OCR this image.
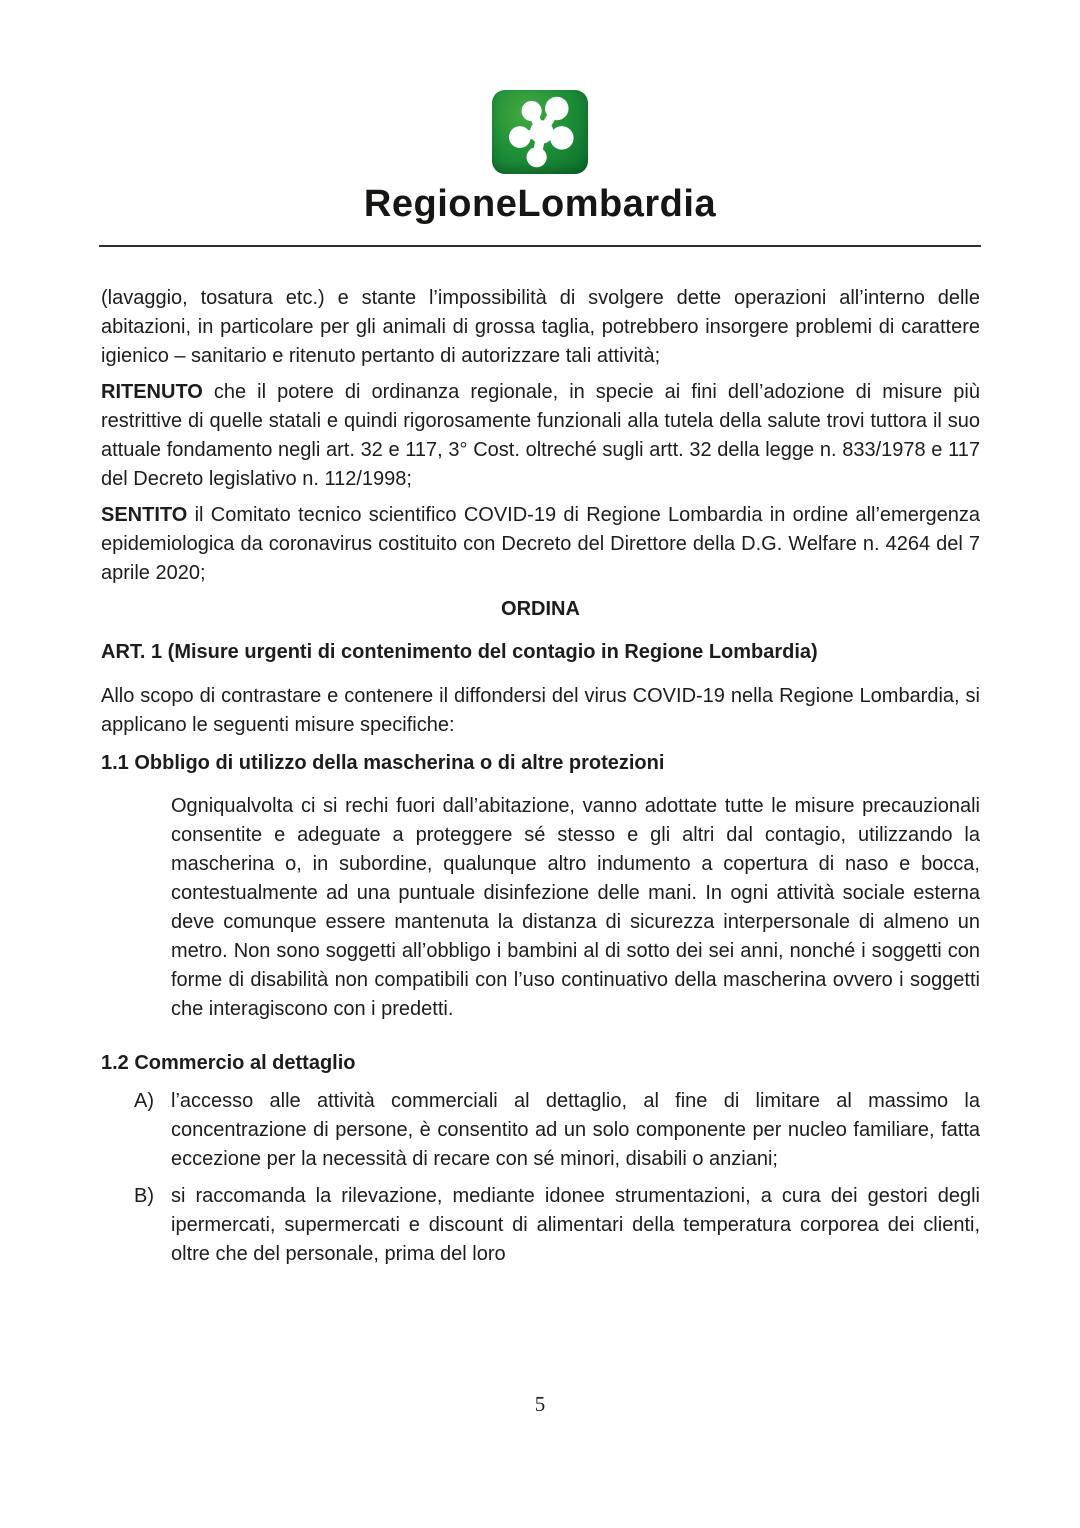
RegioneLombardia

(lavaggio, tosatura etc.) e stante l’impossibilità di svolgere dette operazioni all’interno delle abitazioni, in particolare per gli animali di grossa taglia, potrebbero insorgere problemi di carattere igienico – sanitario e ritenuto pertanto di autorizzare tali attività;

RITENUTO che il potere di ordinanza regionale, in specie ai fini dell’adozione di misure più restrittive di quelle statali e quindi rigorosamente funzionali alla tutela della salute trovi tuttora il suo attuale fondamento negli art. 32 e 117, 3° Cost. oltreché sugli artt. 32 della legge n. 833/1978 e 117 del Decreto legislativo n. 112/1998;

SENTITO il Comitato tecnico scientifico COVID-19 di Regione Lombardia in ordine all’emergenza epidemiologica da coronavirus costituito con Decreto del Direttore della D.G. Welfare n. 4264 del 7 aprile 2020;

ORDINA
ART. 1 (Misure urgenti di contenimento del contagio in Regione Lombardia)

Allo scopo di contrastare e contenere il diffondersi del virus COVID-19 nella Regione Lombardia, si applicano le seguenti misure specifiche:

1.1 Obbligo di utilizzo della mascherina o di altre protezioni

Ogniqualvolta ci si rechi fuori dall’abitazione, vanno adottate tutte le misure precauzionali consentite e adeguate a proteggere sé stesso e gli altri dal contagio, utilizzando la mascherina o, in subordine, qualunque altro indumento a copertura di naso e bocca, contestualmente ad una puntuale disinfezione delle mani. In ogni attività sociale esterna deve comunque essere mantenuta la distanza di sicurezza interpersonale di almeno un metro. Non sono soggetti all’obbligo i bambini al di sotto dei sei anni, nonché i soggetti con forme di disabilità non compatibili con l’uso continuativo della mascherina ovvero i soggetti che interagiscono con i predetti.

1.2 Commercio al dettaglio
A) l’accesso alle attività commerciali al dettaglio, al fine di limitare al massimo la concentrazione di persone, è consentito ad un solo componente per nucleo familiare, fatta eccezione per la necessità di recare con sé minori, disabili o anziani;
B) si raccomanda la rilevazione, mediante idonee strumentazioni, a cura dei gestori degli ipermercati, supermercati e discount di alimentari della temperatura corporea dei clienti, oltre che del personale, prima del loro
5
